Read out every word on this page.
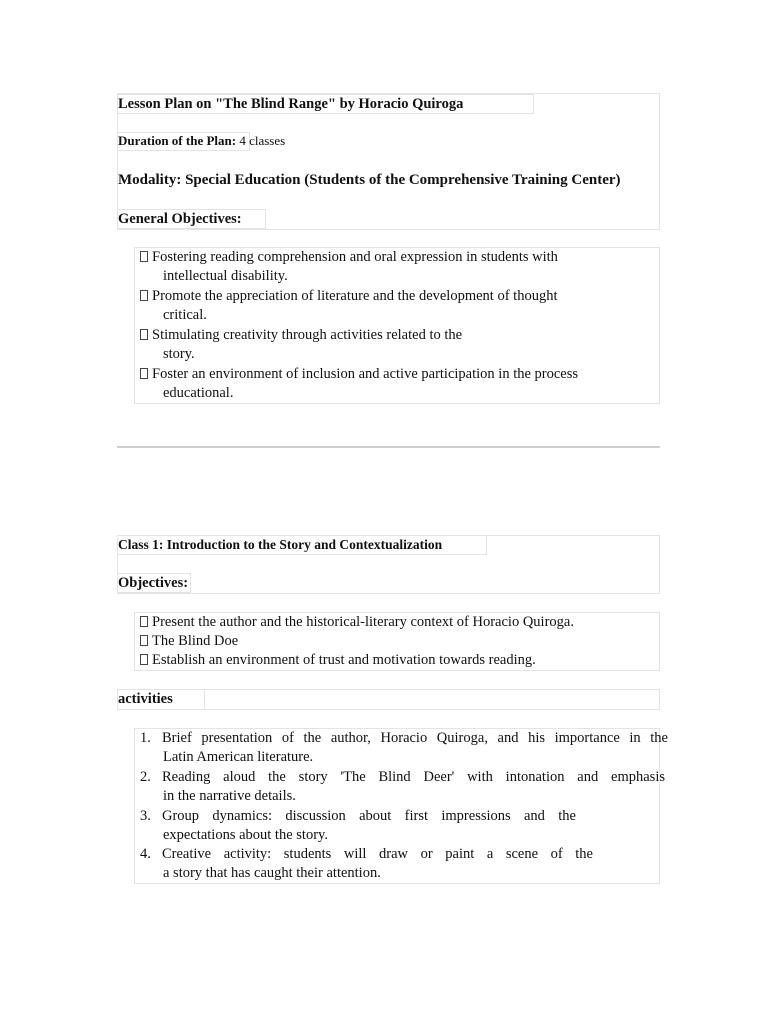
Lesson Plan on "The Blind Range" by Horacio Quiroga
Duration of the Plan: 4 classes
Modality: Special Education (Students of the Comprehensive Training Center)
General Objectives:
Fostering reading comprehension and oral expression in students with
intellectual disability.
Promote the appreciation of literature and the development of thought
critical.
Stimulating creativity through activities related to the
story.
Foster an environment of inclusion and active participation in the process
educational.
Class 1: Introduction to the Story and Contextualization
Objectives:
Present the author and the historical-literary context of Horacio Quiroga.
The Blind Doe
Establish an environment of trust and motivation towards reading.
activities
1. Brief presentation of the author, Horacio Quiroga, and his importance in the
Latin American literature.
2. Reading aloud the story 'The Blind Deer' with intonation and emphasis
in the narrative details.
3. Group dynamics: discussion about first impressions and the
expectations about the story.
4. Creative activity: students will draw or paint a scene of the
a story that has caught their attention.
